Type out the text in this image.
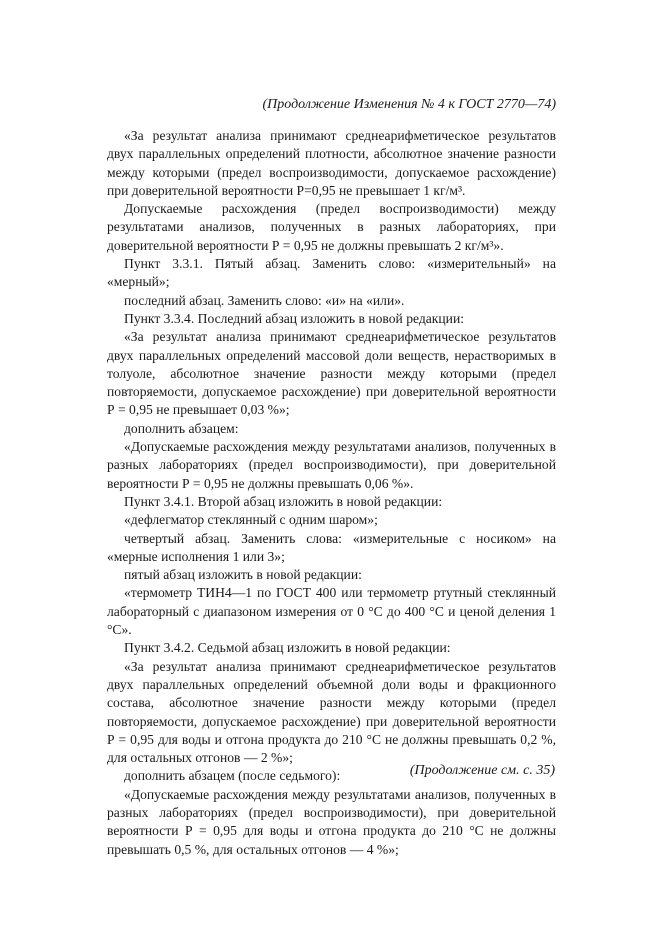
(Продолжение Изменения № 4 к ГОСТ 2770—74)

«За результат анализа принимают среднеарифметическое результатов двух параллельных определений плотности, абсолютное значение разности между которыми (предел воспроизводимости, допускаемое расхождение) при доверительной вероятности Р=0,95 не превышает 1 кг/м³.

Допускаемые расхождения (предел воспроизводимости) между результатами анализов, полученных в разных лабораториях, при доверительной вероятности Р = 0,95 не должны превышать 2 кг/м³».

Пункт 3.3.1. Пятый абзац. Заменить слово: «измерительный» на «мерный»;

последний абзац. Заменить слово: «и» на «или».

Пункт 3.3.4. Последний абзац изложить в новой редакции:

«За результат анализа принимают среднеарифметическое результатов двух параллельных определений массовой доли веществ, нерастворимых в толуоле, абсолютное значение разности между которыми (предел повторяемости, допускаемое расхождение) при доверительной вероятности Р = 0,95 не превышает 0,03 %»;

дополнить абзацем:

«Допускаемые расхождения между результатами анализов, полученных в разных лабораториях (предел воспроизводимости), при доверительной вероятности Р = 0,95 не должны превышать 0,06 %».

Пункт 3.4.1. Второй абзац изложить в новой редакции:

«дефлегматор стеклянный с одним шаром»;

четвертый абзац. Заменить слова: «измерительные с носиком» на «мерные исполнения 1 или 3»;

пятый абзац изложить в новой редакции:

«термометр ТИН4—1 по ГОСТ 400 или термометр ртутный стеклянный лабораторный с диапазоном измерения от 0 °С до 400 °С и ценой деления 1 °С».

Пункт 3.4.2. Седьмой абзац изложить в новой редакции:

«За результат анализа принимают среднеарифметическое результатов двух параллельных определений объемной доли воды и фракционного состава, абсолютное значение разности между которыми (предел повторяемости, допускаемое расхождение) при доверительной вероятности Р = 0,95 для воды и отгона продукта до 210 °С не должны превышать 0,2 %, для остальных отгонов — 2 %»;

дополнить абзацем (после седьмого):

«Допускаемые расхождения между результатами анализов, полученных в разных лабораториях (предел воспроизводимости), при доверительной вероятности Р = 0,95 для воды и отгона продукта до 210 °С не должны превышать 0,5 %, для остальных отгонов — 4 %»;

(Продолжение см. с. 35)
